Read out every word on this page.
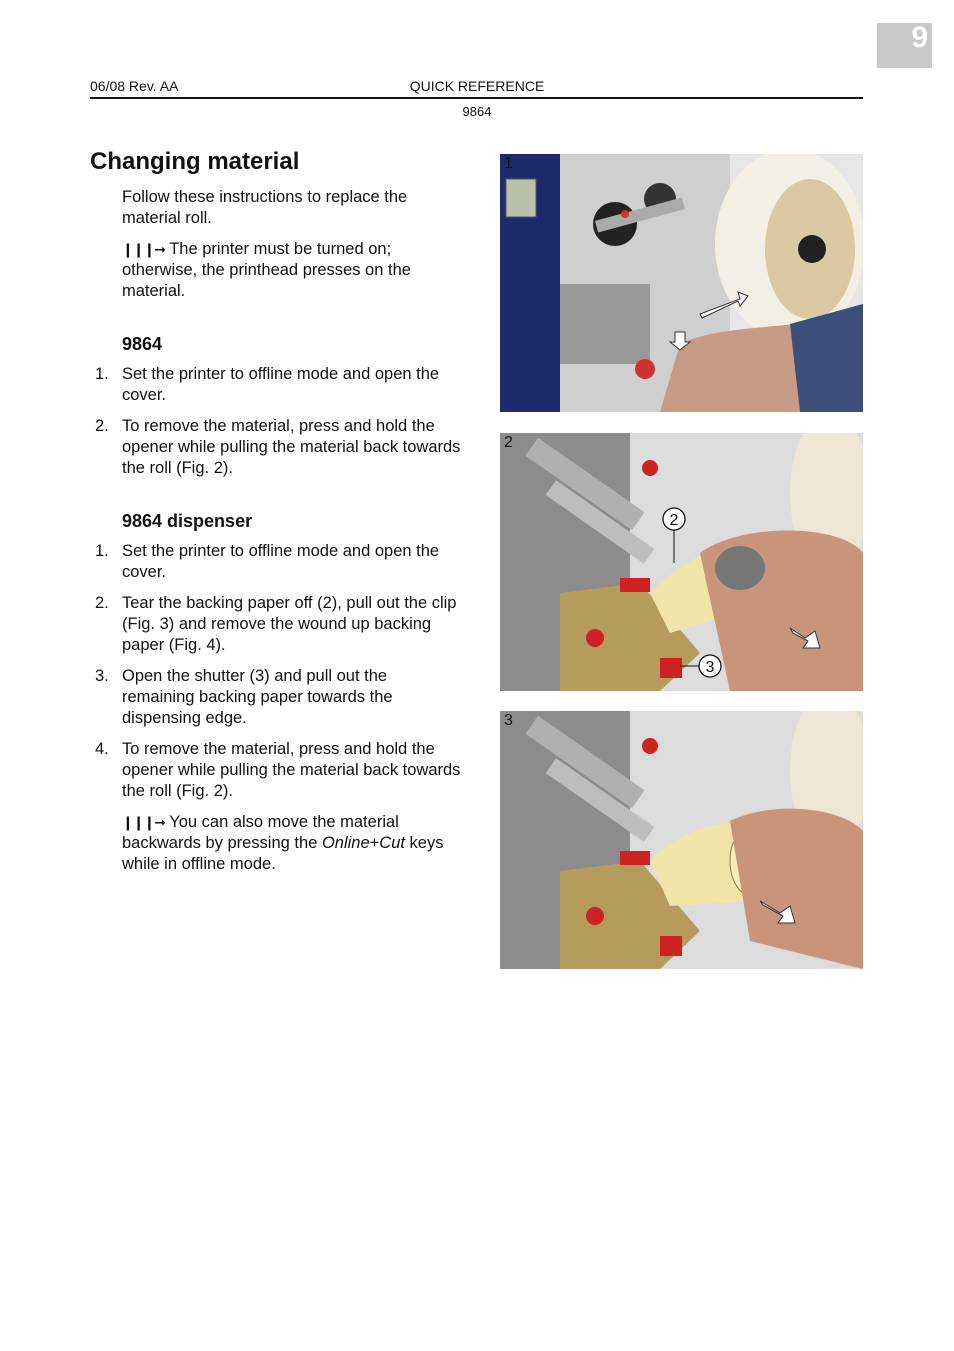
9
06/08 Rev. AA	QUICK REFERENCE
9864
Changing material

Follow these instructions to replace the material roll.

❙❙❙➞ The printer must be turned on; otherwise, the printhead presses on the material.

9864
1. Set the printer to offline mode and open the cover.
2. To remove the material, press and hold the opener while pulling the material back towards the roll (Fig. 2).
9864 dispenser
1. Set the printer to offline mode and open the cover.
2. Tear the backing paper off (2), pull out the clip (Fig. 3) and remove the wound up backing paper (Fig. 4).
3. Open the shutter (3) and pull out the remaining backing paper towards the dispensing edge.
4. To remove the material, press and hold the opener while pulling the material back towards the roll (Fig. 2).

❙❙❙➞ You can also move the material backwards by pressing the Online+Cut keys while in offline mode.

1
2
3
2
3
